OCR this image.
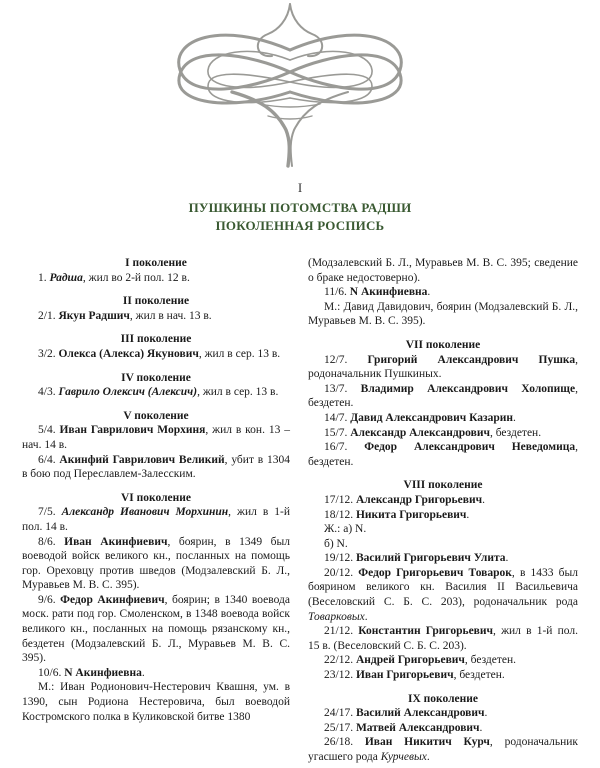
I
ПУШКИНЫ ПОТОМСТВА РАДШИ
ПОКОЛЕННАЯ РОСПИСЬ

I поколение

1. Радша, жил во 2-й пол. 12 в.

II поколение

2/1. Якун Радшич, жил в нач. 13 в.

III поколение

3/2. Олекса (Алекса) Якунович, жил в сер. 13 в.

IV поколение

4/3. Гаврило Олексич (Алексич), жил в сер. 13 в.

V поколение

5/4. Иван Гаврилович Морхиня, жил в кон. 13 – нач. 14 в.

6/4. Акинфий Гаврилович Великий, убит в 1304 в бою под Переславлем-Залесским.

VI поколение

7/5. Александр Иванович Морхинин, жил в 1-й пол. 14 в.

8/6. Иван Акинфиевич, боярин, в 1349 был воеводой войск великого кн., посланных на помощь гор. Ореховцу против шведов (Модзалевский Б. Л., Муравьев М. В. С. 395).

9/6. Федор Акинфиевич, боярин; в 1340 воевода моск. рати под гор. Смоленском, в 1348 воевода войск великого кн., посланных на помощь рязанскому кн., бездетен (Модзалевский Б. Л., Муравьев М. В. С. 395).

10/6. N Акинфиевна.

М.: Иван Родионович-Нестерович Квашня, ум. в 1390, сын Родиона Нестеровича, был воеводой Костромского полка в Куликовской битве 1380

(Модзалевский Б. Л., Муравьев М. В. С. 395; сведение о браке недостоверно).

11/6. N Акинфиевна.

М.: Давид Давидович, боярин (Модзалевский Б. Л., Муравьев М. В. С. 395).

VII поколение

12/7. Григорий Александрович Пушка, родоначальник Пушкиных.

13/7. Владимир Александрович Холопище, бездетен.

14/7. Давид Александрович Казарин.

15/7. Александр Александрович, бездетен.

16/7. Федор Александрович Неведомица, бездетен.

VIII поколение

17/12. Александр Григорьевич.

18/12. Никита Григорьевич.

Ж.: а) N.

б) N.

19/12. Василий Григорьевич Улита.

20/12. Федор Григорьевич Товарок, в 1433 был боярином великого кн. Василия II Васильевича (Веселовский С. Б. С. 203), родоначальник рода Товарковых.

21/12. Константин Григорьевич, жил в 1-й пол. 15 в. (Веселовский С. Б. С. 203).

22/12. Андрей Григорьевич, бездетен.

23/12. Иван Григорьевич, бездетен.

IX поколение

24/17. Василий Александрович.

25/17. Матвей Александрович.

26/18. Иван Никитич Курч, родоначальник угасшего рода Курчевых.
